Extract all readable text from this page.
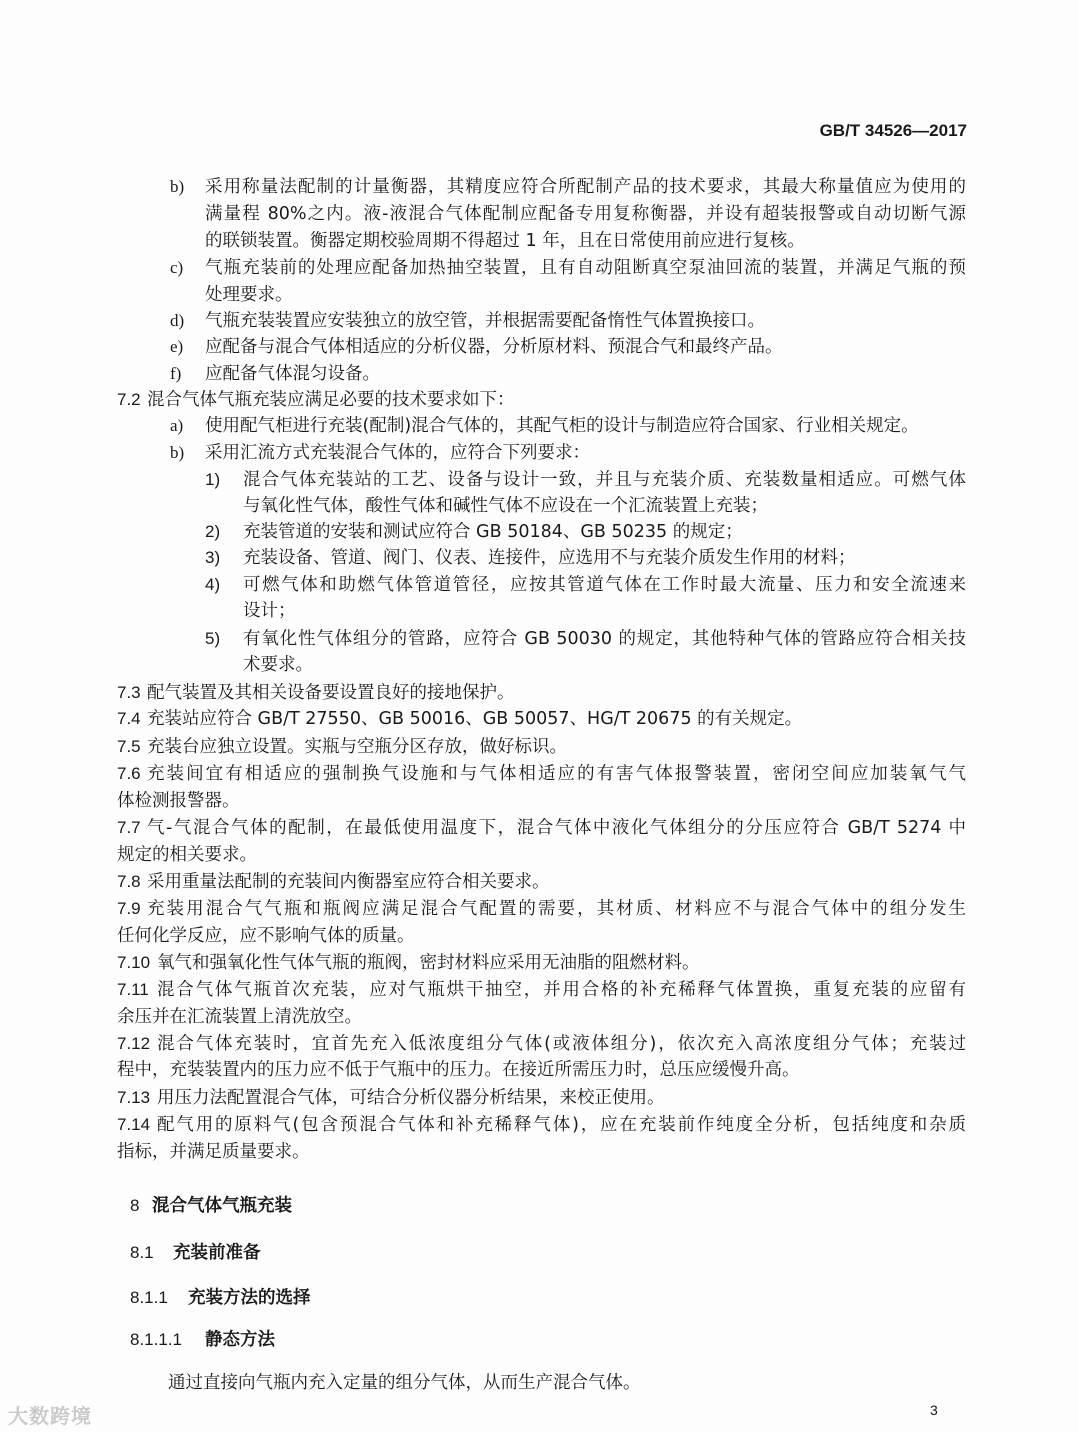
GB/T 34526—2017
b) 采用称量法配制的计量衡器，其精度应符合所配制产品的技术要求，其最大称量值应为使用的
满量程 80%之内。液-液混合气体配制应配备专用复称衡器，并设有超装报警或自动切断气源
的联锁装置。衡器定期校验周期不得超过 1 年，且在日常使用前应进行复核。
c) 气瓶充装前的处理应配备加热抽空装置，且有自动阻断真空泵油回流的装置，并满足气瓶的预
处理要求。
d) 气瓶充装装置应安装独立的放空管，并根据需要配备惰性气体置换接口。
e) 应配备与混合气体相适应的分析仪器，分析原材料、预混合气和最终产品。
f) 应配备气体混匀设备。
7.2 混合气体气瓶充装应满足必要的技术要求如下：
a) 使用配气柜进行充装(配制)混合气体的，其配气柜的设计与制造应符合国家、行业相关规定。
b) 采用汇流方式充装混合气体的，应符合下列要求：
1) 混合气体充装站的工艺、设备与设计一致，并且与充装介质、充装数量相适应。可燃气体
与氧化性气体，酸性气体和碱性气体不应设在一个汇流装置上充装；
2) 充装管道的安装和测试应符合 GB 50184、GB 50235 的规定；
3) 充装设备、管道、阀门、仪表、连接件，应选用不与充装介质发生作用的材料；
4) 可燃气体和助燃气体管道管径，应按其管道气体在工作时最大流量、压力和安全流速来
设计；
5) 有氧化性气体组分的管路，应符合 GB 50030 的规定，其他特种气体的管路应符合相关技
术要求。
7.3 配气装置及其相关设备要设置良好的接地保护。
7.4 充装站应符合 GB/T 27550、GB 50016、GB 50057、HG/T 20675 的有关规定。
7.5 充装台应独立设置。实瓶与空瓶分区存放，做好标识。
7.6 充装间宜有相适应的强制换气设施和与气体相适应的有害气体报警装置，密闭空间应加装氧气气
体检测报警器。
7.7 气-气混合气体的配制，在最低使用温度下，混合气体中液化气体组分的分压应符合 GB/T 5274 中
规定的相关要求。
7.8 采用重量法配制的充装间内衡器室应符合相关要求。
7.9 充装用混合气气瓶和瓶阀应满足混合气配置的需要，其材质、材料应不与混合气体中的组分发生
任何化学反应，应不影响气体的质量。
7.10 氧气和强氧化性气体气瓶的瓶阀，密封材料应采用无油脂的阻燃材料。
7.11 混合气体气瓶首次充装，应对气瓶烘干抽空，并用合格的补充稀释气体置换，重复充装的应留有
余压并在汇流装置上清洗放空。
7.12 混合气体充装时，宜首先充入低浓度组分气体(或液体组分)，依次充入高浓度组分气体；充装过
程中，充装装置内的压力应不低于气瓶中的压力。在接近所需压力时，总压应缓慢升高。
7.13 用压力法配置混合气体，可结合分析仪器分析结果，来校正使用。
7.14 配气用的原料气(包含预混合气体和补充稀释气体)，应在充装前作纯度全分析，包括纯度和杂质
指标，并满足质量要求。
8 混合气体气瓶充装
8.1 充装前准备
8.1.1 充装方法的选择
8.1.1.1 静态方法
通过直接向气瓶内充入定量的组分气体，从而生产混合气体。
3
大数跨境
